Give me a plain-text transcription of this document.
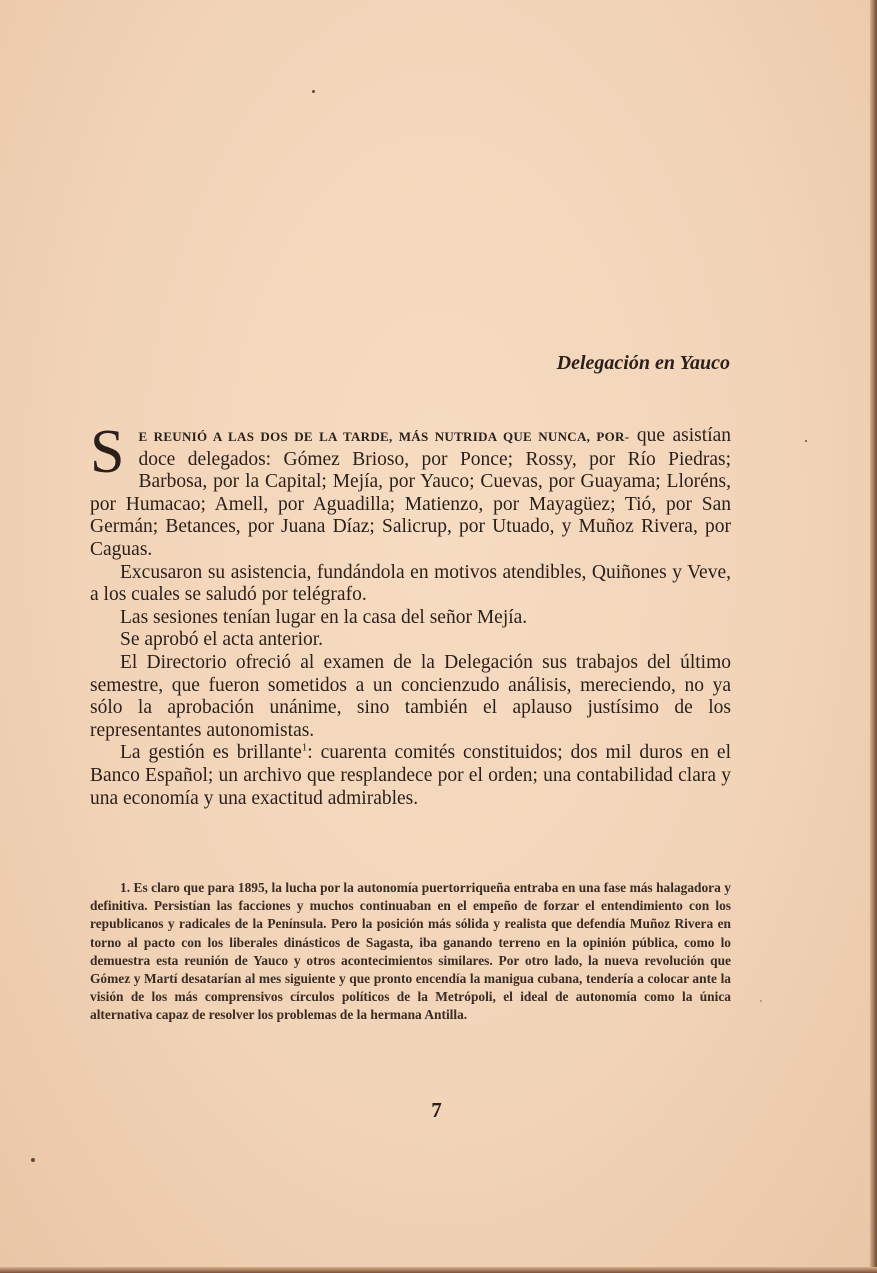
Delegación en Yauco

S E REUNIÓ A LAS DOS DE LA TARDE, MÁS NUTRIDA QUE NUNCA, POR- que asistían doce delegados: Gómez Brioso, por Ponce; Rossy, por Río Piedras; Barbosa, por la Capital; Mejía, por Yauco; Cuevas, por Guayama; Lloréns, por Humacao; Amell, por Aguadilla; Matienzo, por Mayagüez; Tió, por San Germán; Betances, por Juana Díaz; Salicrup, por Utuado, y Muñoz Rivera, por Caguas.

Excusaron su asistencia, fundándola en motivos atendibles, Quiñones y Veve, a los cuales se saludó por telégrafo.

Las sesiones tenían lugar en la casa del señor Mejía.

Se aprobó el acta anterior.

El Directorio ofreció al examen de la Delegación sus trabajos del último semestre, que fueron sometidos a un concienzudo análisis, mereciendo, no ya sólo la aprobación unánime, sino también el aplauso justísimo de los representantes autonomistas.

La gestión es brillante$^1$: cuarenta comités constituidos; dos mil duros en el Banco Español; un archivo que resplandece por el orden; una contabilidad clara y una economía y una exactitud admirables.

1. Es claro que para 1895, la lucha por la autonomía puertorriqueña entraba en una fase más halagadora y definitiva. Persistían las facciones y muchos continuaban en el empeño de forzar el entendimiento con los republicanos y radicales de la Península. Pero la posición más sólida y realista que defendía Muñoz Rivera en torno al pacto con los liberales dinásticos de Sagasta, iba ganando terreno en la opinión pública, como lo demuestra esta reunión de Yauco y otros acontecimientos similares. Por otro lado, la nueva revolución que Gómez y Martí desatarían al mes siguiente y que pronto encendía la manigua cubana, tendería a colocar ante la visión de los más comprensivos círculos políticos de la Metrópoli, el ideal de autonomía como la única alternativa capaz de resolver los problemas de la hermana Antilla.

7
